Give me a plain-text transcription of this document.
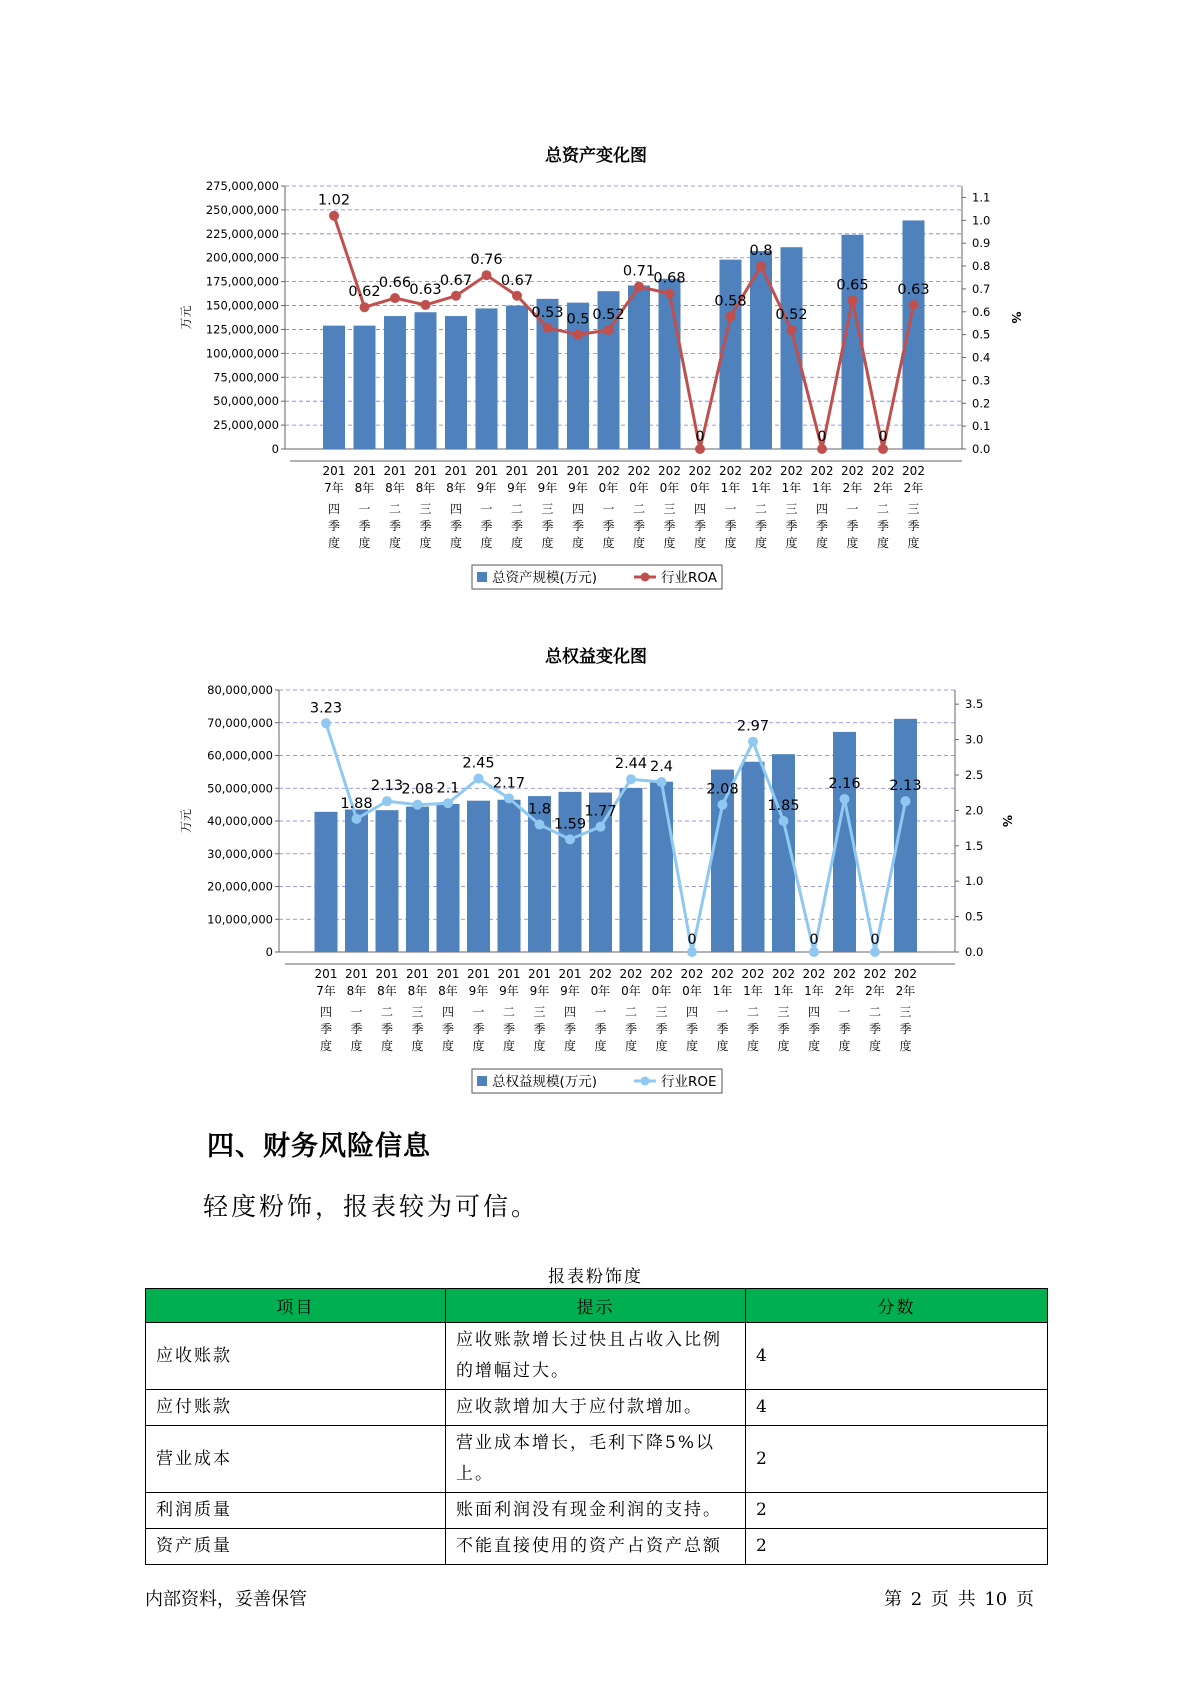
总资产变化图
0
25,000,000
50,000,000
75,000,000
100,000,000
125,000,000
150,000,000
175,000,000
200,000,000
225,000,000
250,000,000
275,000,000
0.0
0.1
0.2
0.3
0.4
0.5
0.6
0.7
0.8
0.9
1.0
1.1
万元	%
1.02
0.62
0.66
0.63
0.67
0.76
0.67
0.53 0.5 0.52
0.71
0.68
0
0.58
0.8
0.52
0
0.65
0
0.63
201
7年
四
季
度
201
8年
一
季
度
201
8年
二
季
度
201
8年
三
季
度
201
8年
四
季
度
201
9年
一
季
度
201
9年
二
季
度
201
9年
三
季
度
201
9年
四
季
度
202
0年
一
季
度
202
0年
二
季
度
202
0年
三
季
度
202
0年
四
季
度
202
1年
一
季
度
202
1年
二
季
度
202
1年
三
季
度
202
1年
四
季
度
202
2年
一
季
度
202
2年
二
季
度
202
2年
三
季
度
总资产规模(万元)	行业ROA
总权益变化图
0
10,000,000
20,000,000
30,000,000
40,000,000
50,000,000
60,000,000
70,000,000
80,000,000
0.0
0.5
1.0
1.5
2.0
2.5
3.0
3.5
万元	%
3.23
1.88
2.13
2.08 2.1
2.45
2.17
1.8
1.59
1.77
2.44 2.4
0
2.08
2.97
1.85
0
2.16
0
2.13
201
7年
四
季
度
201
8年
一
季
度
201
8年
二
季
度
201
8年
三
季
度
201
8年
四
季
度
201
9年
一
季
度
201
9年
二
季
度
201
9年
三
季
度
201
9年
四
季
度
202
0年
一
季
度
202
0年
二
季
度
202
0年
三
季
度
202
0年
四
季
度
202
1年
一
季
度
202
1年
二
季
度
202
1年
三
季
度
202
1年
四
季
度
202
2年
一
季
度
202
2年
二
季
度
202
2年
三
季
度
总权益规模(万元)	行业ROE
四、财务风险信息
轻度粉饰，报表较为可信。
报表粉饰度
项目	提示	分数
应收账款	应收账款增长过快且占收入比例的增幅过大。	4
应付账款	应收款增加大于应付款增加。	4
营业成本	营业成本增长，毛利下降5%以上。	2
利润质量	账面利润没有现金利润的支持。	2
资产质量	不能直接使用的资产占资产总额	2
内部资料，妥善保管	第 2 页 共 10 页
